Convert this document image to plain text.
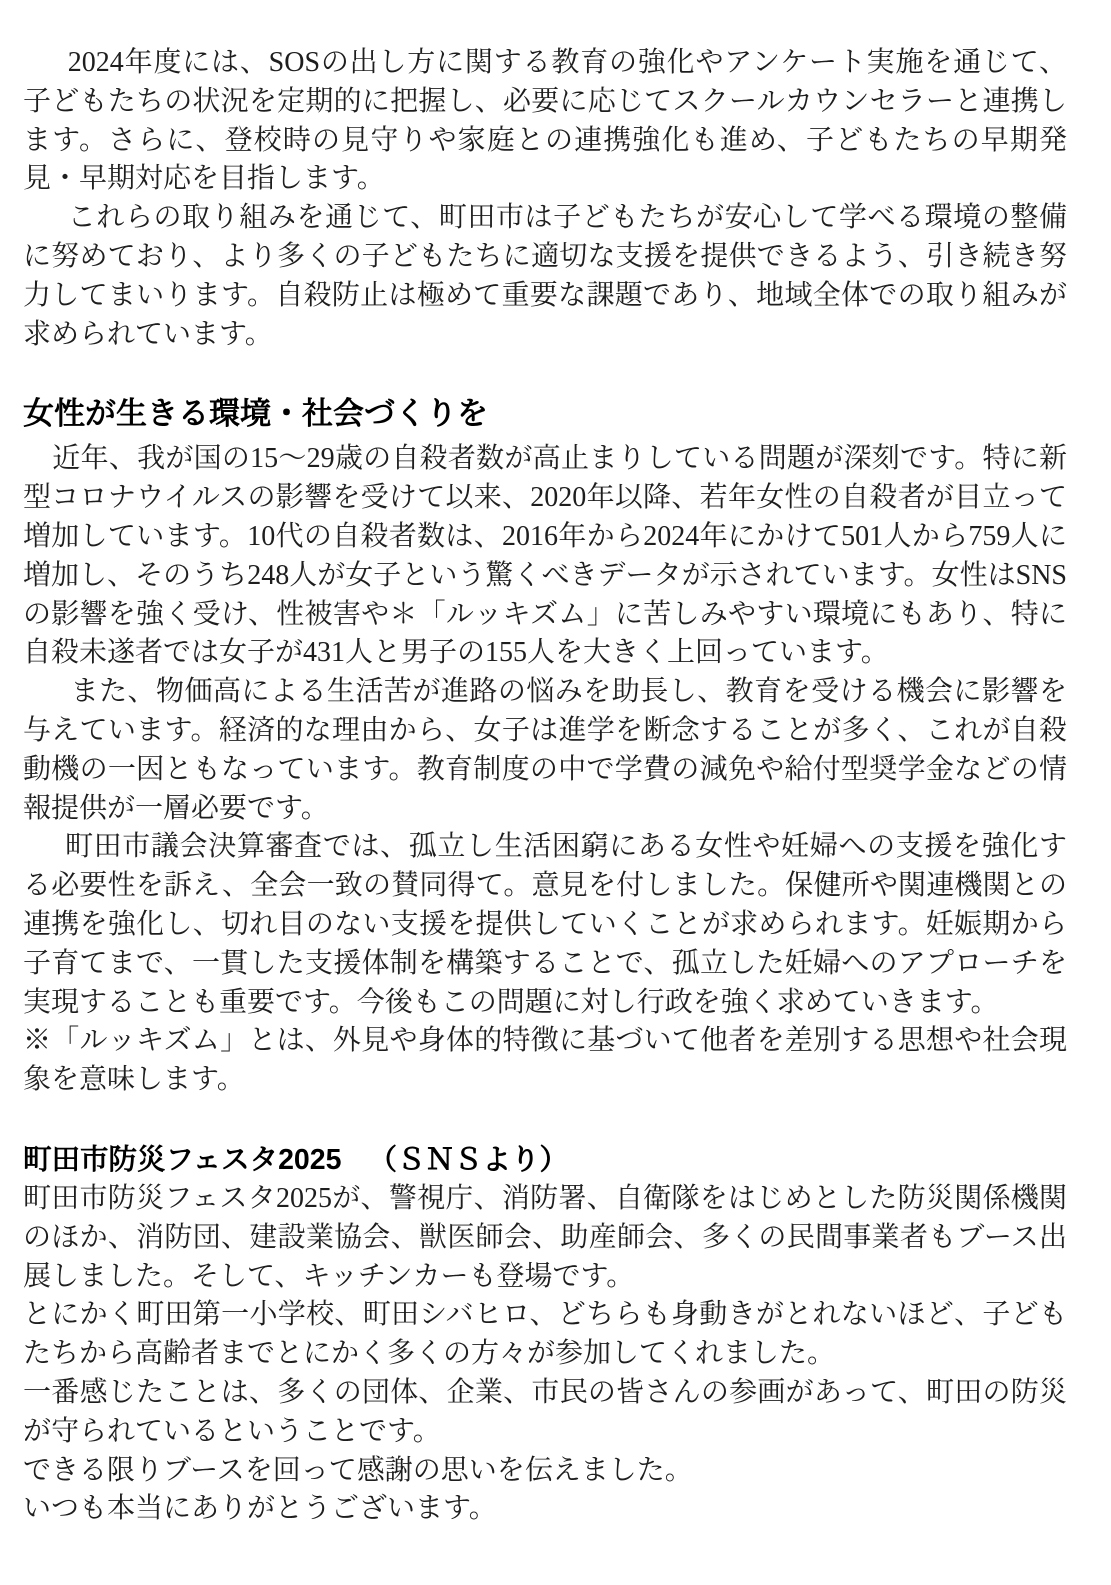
2024年度には、SOSの出し方に関する教育の強化やアンケート実施を通じて、子どもたちの状況を定期的に把握し、必要に応じてスクールカウンセラーと連携します。さらに、登校時の見守りや家庭との連携強化も進め、子どもたちの早期発見・早期対応を目指します。

これらの取り組みを通じて、町田市は子どもたちが安心して学べる環境の整備に努めており、より多くの子どもたちに適切な支援を提供できるよう、引き続き努力してまいります。自殺防止は極めて重要な課題であり、地域全体での取り組みが求められています。

女性が生きる環境・社会づくりを

近年、我が国の15〜29歳の自殺者数が高止まりしている問題が深刻です。特に新型コロナウイルスの影響を受けて以来、2020年以降、若年女性の自殺者が目立って増加しています。10代の自殺者数は、2016年から2024年にかけて501人から759人に増加し、そのうち248人が女子という驚くべきデータが示されています。女性はSNSの影響を強く受け、性被害や＊「ルッキズム」に苦しみやすい環境にもあり、特に自殺未遂者では女子が431人と男子の155人を大きく上回っています。

また、物価高による生活苦が進路の悩みを助長し、教育を受ける機会に影響を与えています。経済的な理由から、女子は進学を断念することが多く、これが自殺動機の一因ともなっています。教育制度の中で学費の減免や給付型奨学金などの情報提供が一層必要です。

町田市議会決算審査では、孤立し生活困窮にある女性や妊婦への支援を強化する必要性を訴え、全会一致の賛同得て。意見を付しました。保健所や関連機関との連携を強化し、切れ目のない支援を提供していくことが求められます。妊娠期から子育てまで、一貫した支援体制を構築することで、孤立した妊婦へのアプローチを実現することも重要です。今後もこの問題に対し行政を強く求めていきます。

※「ルッキズム」とは、外見や身体的特徴に基づいて他者を差別する思想や社会現象を意味します。

町田市防災フェスタ2025 （ＳＮＳより）

町田市防災フェスタ2025が、警視庁、消防署、自衛隊をはじめとした防災関係機関のほか、消防団、建設業協会、獣医師会、助産師会、多くの民間事業者もブース出展しました。そして、キッチンカーも登場です。

とにかく町田第一小学校、町田シバヒロ、どちらも身動きがとれないほど、子どもたちから高齢者までとにかく多くの方々が参加してくれました。

一番感じたことは、多くの団体、企業、市民の皆さんの参画があって、町田の防災が守られているということです。

できる限りブースを回って感謝の思いを伝えました。

いつも本当にありがとうございます。
